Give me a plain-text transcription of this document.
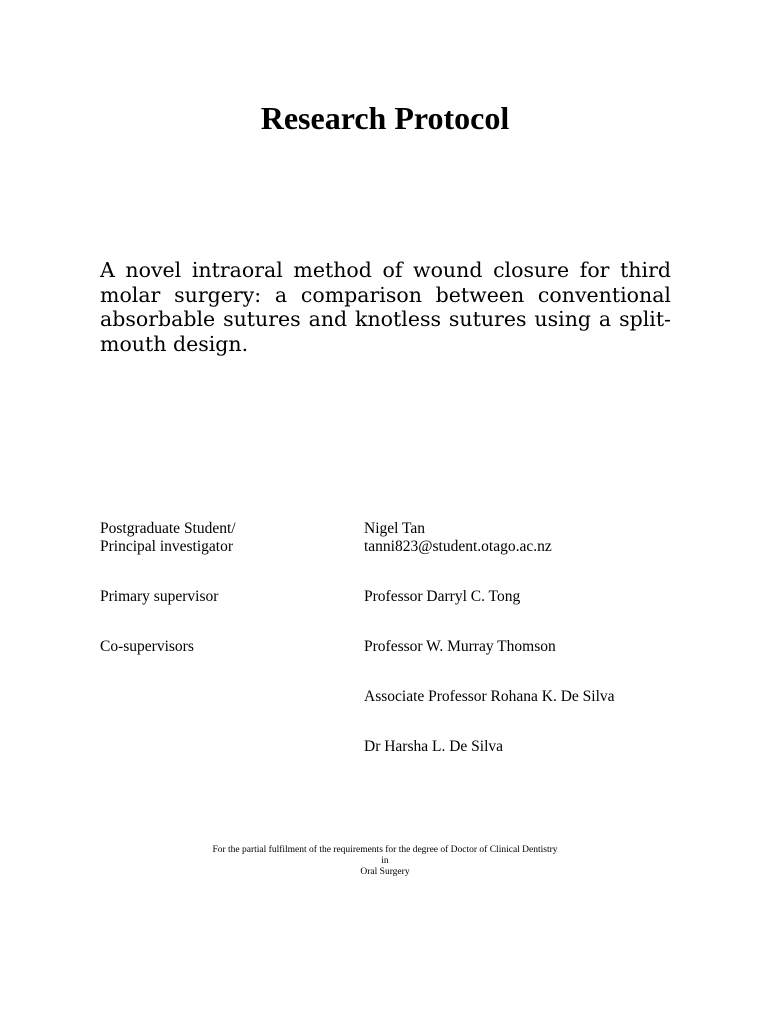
Research Protocol

A novel intraoral method of wound closure for third molar surgery: a comparison between conventional absorbable sutures and knotless sutures using a split-mouth design.

Postgraduate Student/
Principal investigator
Nigel Tan
tanni823@student.otago.ac.nz
Primary supervisor	Professor Darryl C. Tong
Co-supervisors	Professor W. Murray Thomson
Associate Professor Rohana K. De Silva
Dr Harsha L. De Silva
For the partial fulfilment of the requirements for the degree of Doctor of Clinical Dentistry
in
Oral Surgery
